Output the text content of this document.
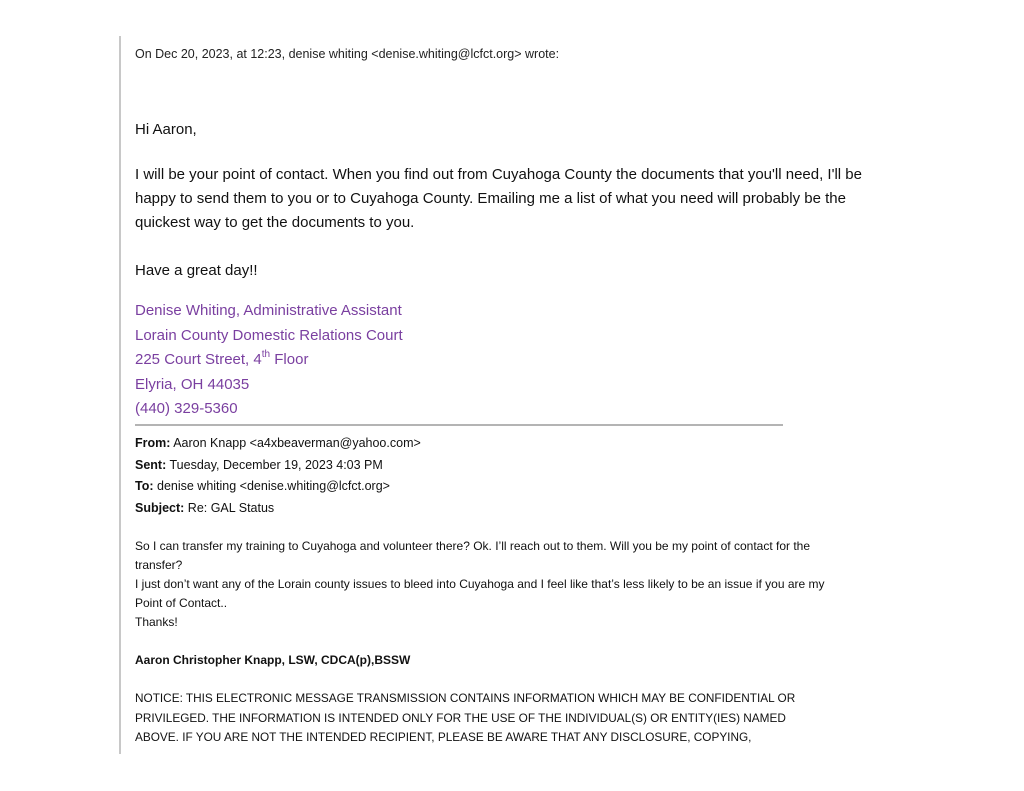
On Dec 20, 2023, at 12:23, denise whiting <denise.whiting@lcfct.org> wrote:
Hi Aaron,
I will be your point of contact. When you find out from Cuyahoga County the documents that you'll need, I'll be
happy to send them to you or to Cuyahoga County. Emailing me a list of what you need will probably be the
quickest way to get the documents to you.
Have a great day!!
Denise Whiting, Administrative Assistant
Lorain County Domestic Relations Court
225 Court Street, 4th Floor
Elyria, OH 44035
(440) 329-5360
From: Aaron Knapp <a4xbeaverman@yahoo.com>
Sent: Tuesday, December 19, 2023 4:03 PM
To: denise whiting <denise.whiting@lcfct.org>
Subject: Re: GAL Status
So I can transfer my training to Cuyahoga and volunteer there? Ok. I’ll reach out to them. Will you be my point of contact for the
transfer?
I just don’t want any of the Lorain county issues to bleed into Cuyahoga and I feel like that’s less likely to be an issue if you are my
Point of Contact..
Thanks!
Aaron Christopher Knapp, LSW, CDCA(p),BSSW
NOTICE: THIS ELECTRONIC MESSAGE TRANSMISSION CONTAINS INFORMATION WHICH MAY BE CONFIDENTIAL OR
PRIVILEGED. THE INFORMATION IS INTENDED ONLY FOR THE USE OF THE INDIVIDUAL(S) OR ENTITY(IES) NAMED
ABOVE. IF YOU ARE NOT THE INTENDED RECIPIENT, PLEASE BE AWARE THAT ANY DISCLOSURE, COPYING,
